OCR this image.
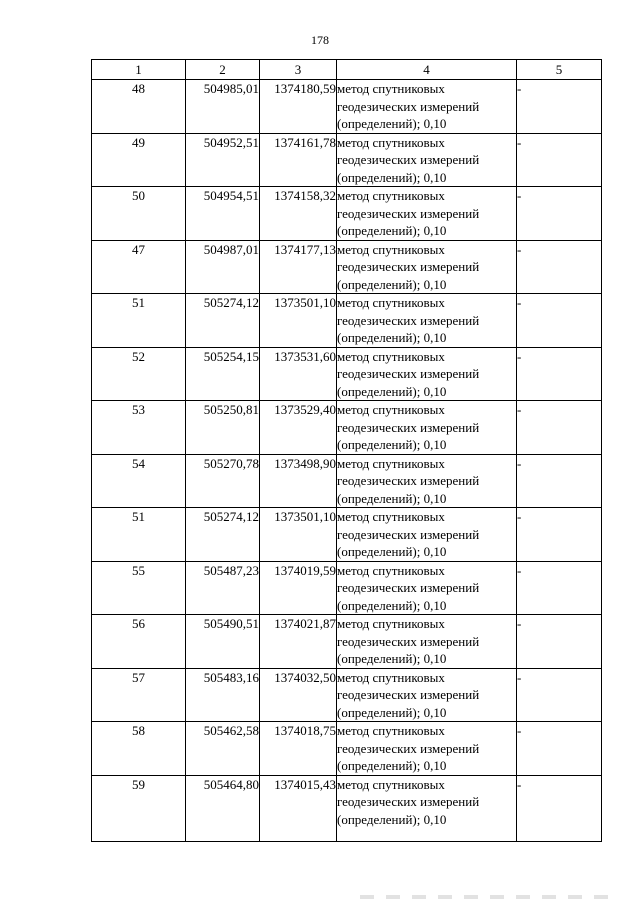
178
1	2	3	4	5
48	504985,01	1374180,59	метод спутниковых
геодезических измерений
(определений); 0,10	-
49	504952,51	1374161,78	метод спутниковых
геодезических измерений
(определений); 0,10	-
50	504954,51	1374158,32	метод спутниковых
геодезических измерений
(определений); 0,10	-
47	504987,01	1374177,13	метод спутниковых
геодезических измерений
(определений); 0,10	-
51	505274,12	1373501,10	метод спутниковых
геодезических измерений
(определений); 0,10	-
52	505254,15	1373531,60	метод спутниковых
геодезических измерений
(определений); 0,10	-
53	505250,81	1373529,40	метод спутниковых
геодезических измерений
(определений); 0,10	-
54	505270,78	1373498,90	метод спутниковых
геодезических измерений
(определений); 0,10	-
51	505274,12	1373501,10	метод спутниковых
геодезических измерений
(определений); 0,10	-
55	505487,23	1374019,59	метод спутниковых
геодезических измерений
(определений); 0,10	-
56	505490,51	1374021,87	метод спутниковых
геодезических измерений
(определений); 0,10	-
57	505483,16	1374032,50	метод спутниковых
геодезических измерений
(определений); 0,10	-
58	505462,58	1374018,75	метод спутниковых
геодезических измерений
(определений); 0,10	-
59	505464,80	1374015,43	метод спутниковых
геодезических измерений
(определений); 0,10	-
